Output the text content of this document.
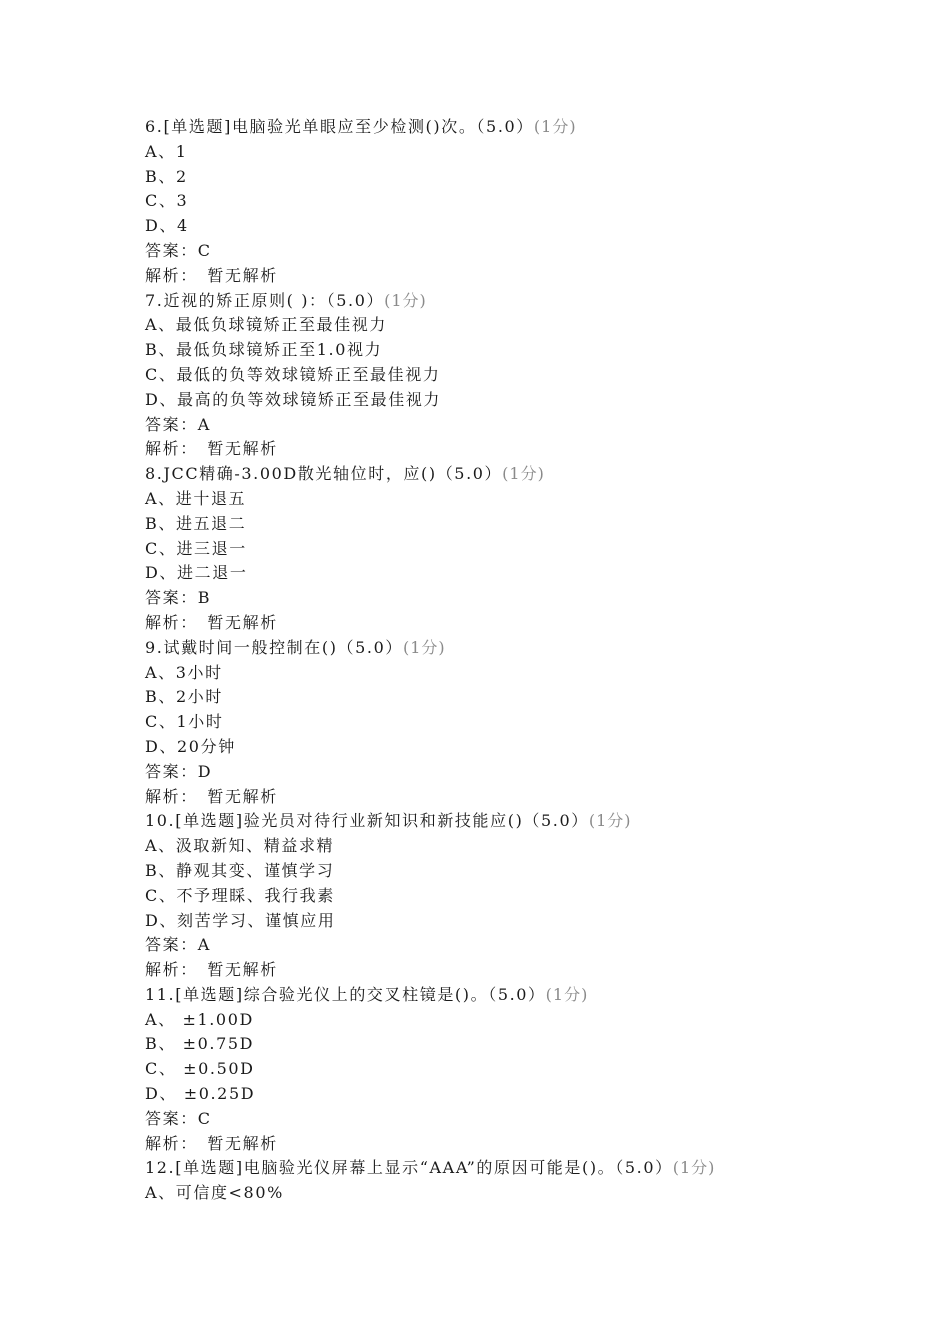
6.[单选题]电脑验光单眼应至少检测()次。（5.0）(1分)
A、1
B、2
C、3
D、4
答案：C
解析：　暂无解析
7.近视的矫正原则( )：（5.0）(1分)
A、最低负球镜矫正至最佳视力
B、最低负球镜矫正至1.0视力
C、最低的负等效球镜矫正至最佳视力
D、最高的负等效球镜矫正至最佳视力
答案：A
解析：　暂无解析
8.JCC精确-3.00D散光轴位时，应()（5.0）(1分)
A、进十退五
B、进五退二
C、进三退一
D、进二退一
答案：B
解析：　暂无解析
9.试戴时间一般控制在()（5.0）(1分)
A、3小时
B、2小时
C、1小时
D、20分钟
答案：D
解析：　暂无解析
10.[单选题]验光员对待行业新知识和新技能应()（5.0）(1分)
A、汲取新知、精益求精
B、静观其变、谨慎学习
C、不予理睬、我行我素
D、刻苦学习、谨慎应用
答案：A
解析：　暂无解析
11.[单选题]综合验光仪上的交叉柱镜是()。（5.0）(1分)
A、 ±1.00D
B、 ±0.75D
C、 ±0.50D
D、 ±0.25D
答案：C
解析：　暂无解析
12.[单选题]电脑验光仪屏幕上显示“AAA”的原因可能是()。（5.0）(1分)
A、可信度<80%
